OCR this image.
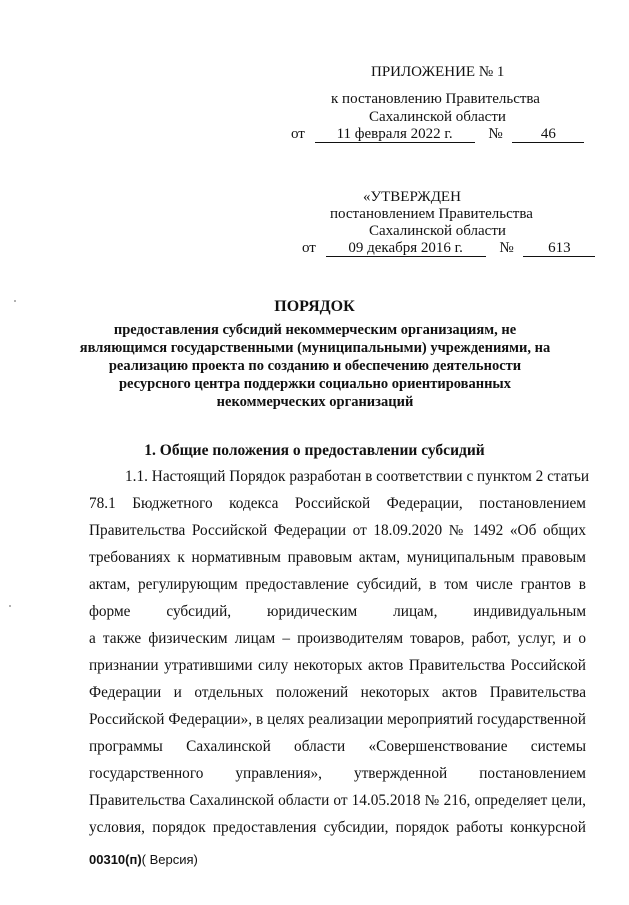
ПРИЛОЖЕНИЕ № 1
к постановлению Правительства
Сахалинской области
от 11 февраля 2022 г. №	46
«УТВЕРЖДЕН
постановлением Правительства
Сахалинской области
от 09 декабря 2016 г. № 613
ПОРЯДОК
предоставления субсидий некоммерческим организациям, не
являющимся государственными (муниципальными) учреждениями, на
реализацию проекта по созданию и обеспечению деятельности
ресурсного центра поддержки социально ориентированных
некоммерческих организаций
1. Общие положения о предоставлении субсидий
1.1. Настоящий Порядок разработан в соответствии с пунктом 2 статьи
78.1 Бюджетного кодекса Российской Федерации, постановлением
Правительства Российской Федерации от 18.09.2020 № 1492 «Об общих
требованиях к нормативным правовым актам, муниципальным правовым
актам, регулирующим предоставление субсидий, в том числе грантов в
форме субсидий, юридическим лицам, индивидуальным
а также физическим лицам – производителям товаров, работ, услуг, и о
признании утратившими силу некоторых актов Правительства Российской
Федерации и отдельных положений некоторых актов Правительства
Российской Федерации», в целях реализации мероприятий государственной
программы Сахалинской области «Совершенствование системы
государственного управления», утвержденной постановлением
Правительства Сахалинской области от 14.05.2018 № 216, определяет цели,
условия, порядок предоставления субсидии, порядок работы конкурсной
00310(п)( Версия)
